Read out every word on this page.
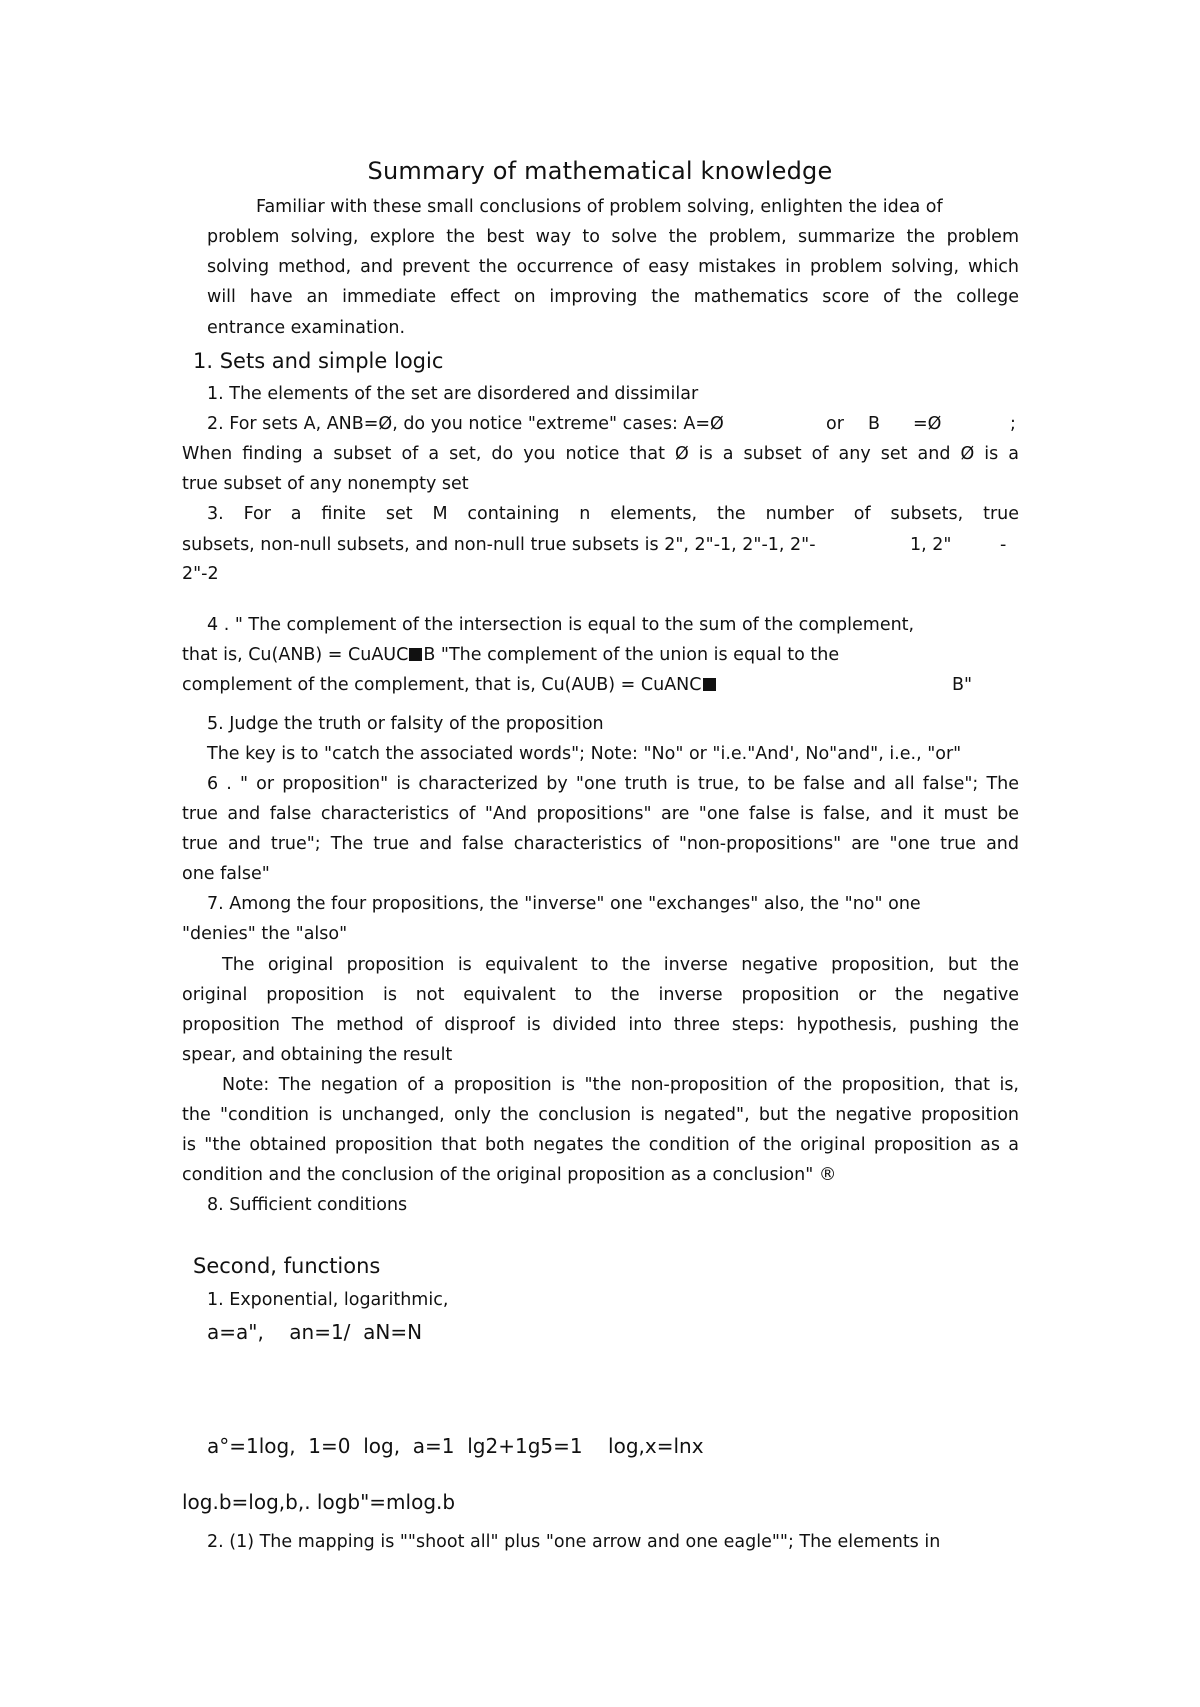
Summary of mathematical knowledge
Familiar with these small conclusions of problem solving, enlighten the idea of
problem solving, explore the best way to solve the problem, summarize the problem
solving method, and prevent the occurrence of easy mistakes in problem solving, which
will have an immediate effect on improving the mathematics score of the college
entrance examination.
1. Sets and simple logic
1. The elements of the set are disordered and dissimilar
2. For sets A, ANB=Ø, do you notice "extreme" cases: A=Ø	or B =Ø	;
When finding a subset of a set, do you notice that Ø is a subset of any set and Ø is a
true subset of any nonempty set
3. For a finite set M containing n elements, the number of subsets, true
subsets, non-null subsets, and non-null true subsets is 2", 2"-1, 2"-1, 2"-	1, 2"	-
2"-2
4 . " The complement of the intersection is equal to the sum of the complement,
that is, Cu(ANB) = CuAUC B "The complement of the union is equal to the
complement of the complement, that is, Cu(AUB) = CuANC	B"
5. Judge the truth or falsity of the proposition
The key is to "catch the associated words"; Note: "No" or "i.e."And', No"and", i.e., "or"
6 . " or proposition" is characterized by "one truth is true, to be false and all false"; The
true and false characteristics of "And propositions" are "one false is false, and it must be
true and true"; The true and false characteristics of "non-propositions" are "one true and
one false"
7. Among the four propositions, the "inverse" one "exchanges" also, the "no" one
"denies" the "also"
The original proposition is equivalent to the inverse negative proposition, but the
original proposition is not equivalent to the inverse proposition or the negative
proposition The method of disproof is divided into three steps: hypothesis, pushing the
spear, and obtaining the result
Note: The negation of a proposition is "the non-proposition of the proposition, that is,
the "condition is unchanged, only the conclusion is negated", but the negative proposition
is "the obtained proposition that both negates the condition of the original proposition as a
condition and the conclusion of the original proposition as a conclusion" ®
8. Sufficient conditions
Second, functions
1. Exponential, logarithmic,
a=a",    an=1/  aN=N
a°=1log,  1=0  log,  a=1  lg2+1g5=1    log,x=lnx
log.b=log,b,. logb"=mlog.b
2. (1) The mapping is ""shoot all" plus "one arrow and one eagle""; The elements in
